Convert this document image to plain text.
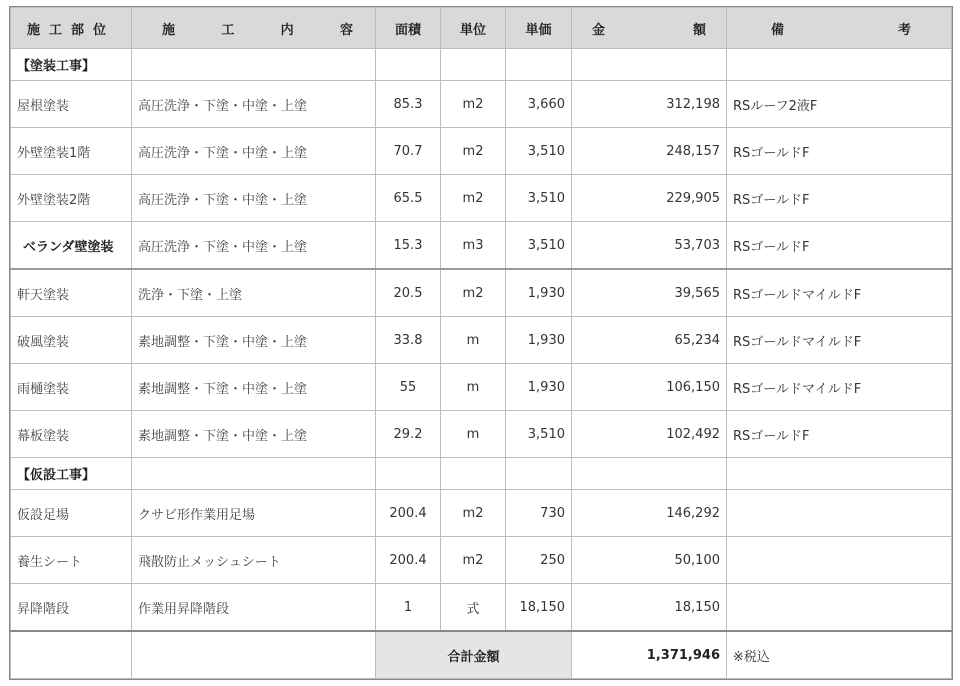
施工部位	施 工 内 容	面積	単位	単価	金 額	備 考

【塗装工事】						
屋根塗装	高圧洗浄・下塗・中塗・上塗	85.3	m2	3,660	312,198	RSルーフ2液F
外壁塗装1階	高圧洗浄・下塗・中塗・上塗	70.7	m2	3,510	248,157	RSゴールドF
外壁塗装2階	高圧洗浄・下塗・中塗・上塗	65.5	m2	3,510	229,905	RSゴールドF
ベランダ壁塗装	高圧洗浄・下塗・中塗・上塗	15.3	m3	3,510	53,703	RSゴールドF
軒天塗装	洗浄・下塗・上塗	20.5	m2	1,930	39,565	RSゴールドマイルドF
破風塗装	素地調整・下塗・中塗・上塗	33.8	m	1,930	65,234	RSゴールドマイルドF
雨樋塗装	素地調整・下塗・中塗・上塗	55	m	1,930	106,150	RSゴールドマイルドF
幕板塗装	素地調整・下塗・中塗・上塗	29.2	m	3,510	102,492	RSゴールドF
【仮設工事】						
仮設足場	クサビ形作業用足場	200.4	m2	730	146,292	
養生シート	飛散防止メッシュシート	200.4	m2	250	50,100	
昇降階段	作業用昇降階段	1	式	18,150	18,150	
		合計金額			1,371,946	※税込
